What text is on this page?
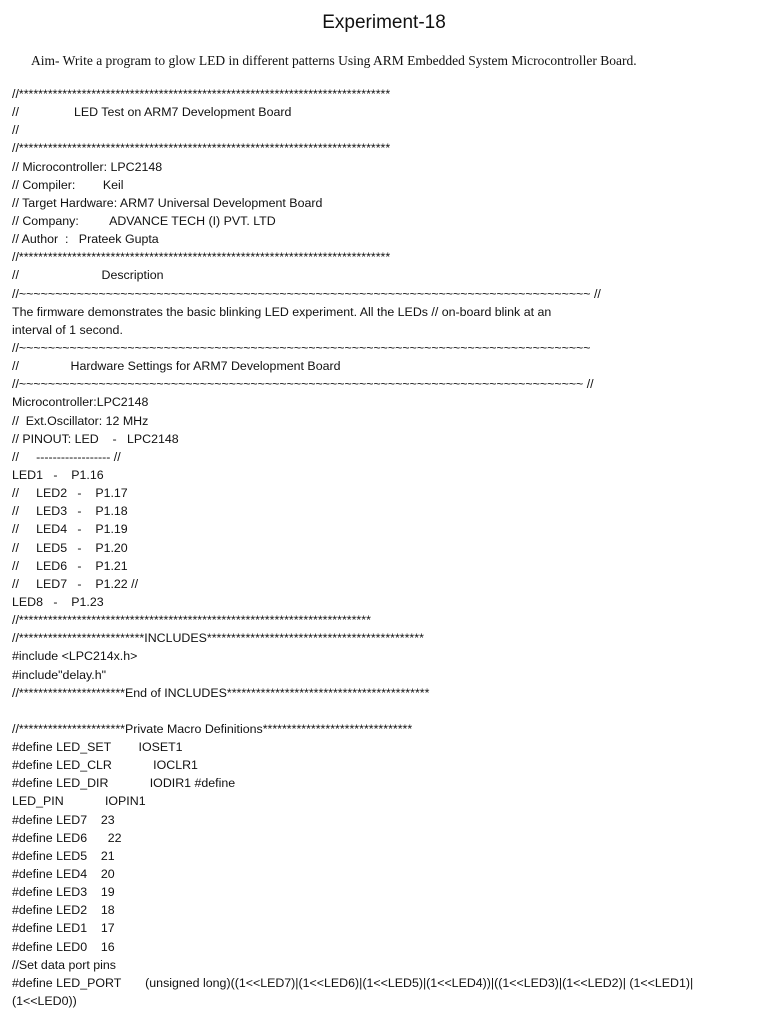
Experiment-18
Aim- Write a program to glow LED in different patterns Using ARM Embedded System Microcontroller Board.
//*****************************************************************************
//                LED Test on ARM7 Development Board
//
//*****************************************************************************
// Microcontroller: LPC2148
// Compiler:        Keil
// Target Hardware: ARM7 Universal Development Board
// Company:         ADVANCE TECH (I) PVT. LTD
// Author  :   Prateek Gupta
//*****************************************************************************
//                        Description
//~~~~~~~~~~~~~~~~~~~~~~~~~~~~~~~~~~~~~~~~~~~~~~~~~~~~~~~~~~~~~~~~~~~~~~~~~~~~~~~ //
The firmware demonstrates the basic blinking LED experiment. All the LEDs // on-board blink at an
interval of 1 second.
//~~~~~~~~~~~~~~~~~~~~~~~~~~~~~~~~~~~~~~~~~~~~~~~~~~~~~~~~~~~~~~~~~~~~~~~~~~~~~~~
//               Hardware Settings for ARM7 Development Board
//~~~~~~~~~~~~~~~~~~~~~~~~~~~~~~~~~~~~~~~~~~~~~~~~~~~~~~~~~~~~~~~~~~~~~~~~~~~~~~ //
Microcontroller:LPC2148
//  Ext.Oscillator: 12 MHz
// PINOUT: LED    -   LPC2148
//     ------------------ //
LED1   -    P1.16
//     LED2   -    P1.17
//     LED3   -    P1.18
//     LED4   -    P1.19
//     LED5   -    P1.20
//     LED6   -    P1.21
//     LED7   -    P1.22 //
LED8   -    P1.23
//*************************************************************************
//**************************INCLUDES*********************************************
#include <LPC214x.h>
#include"delay.h"
//**********************End of INCLUDES******************************************
//**********************Private Macro Definitions*******************************
#define LED_SET        IOSET1
#define LED_CLR            IOCLR1
#define LED_DIR            IODIR1 #define
LED_PIN            IOPIN1
#define LED7    23
#define LED6      22
#define LED5    21
#define LED4    20
#define LED3    19
#define LED2    18
#define LED1    17
#define LED0    16
//Set data port pins
#define LED_PORT       (unsigned long)((1<<LED7)|(1<<LED6)|(1<<LED5)|(1<<LED4))|((1<<LED3)|(1<<LED2)| (1<<LED1)|
(1<<LED0))
